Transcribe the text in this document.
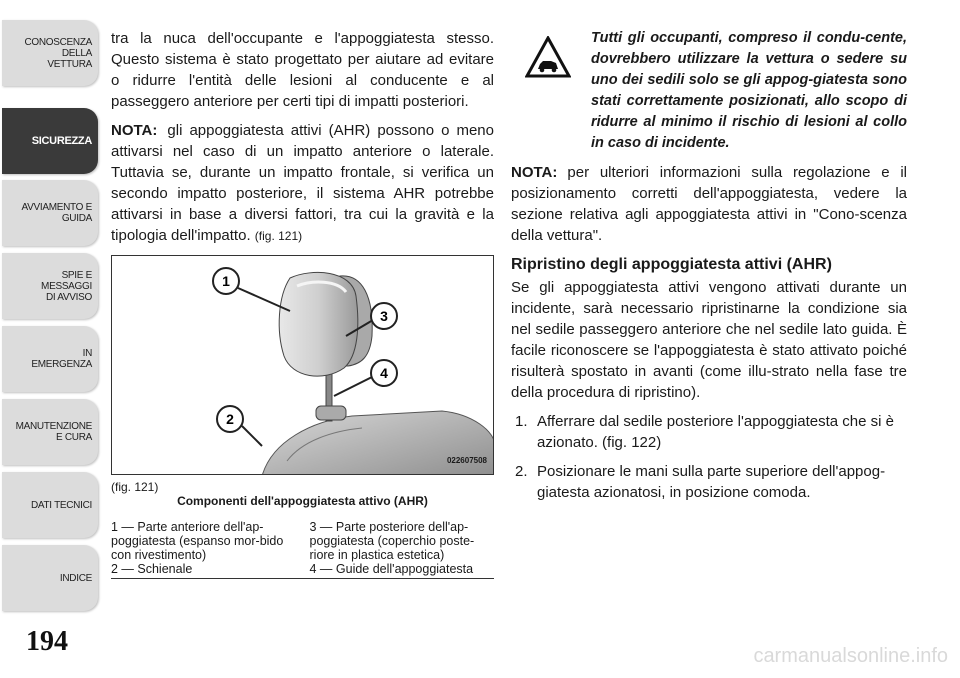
CONOSCENZA DELLA
VETTURA
SICUREZZA
AVVIAMENTO E
GUIDA
SPIE E
MESSAGGI
DI AVVISO
IN
EMERGENZA
MANUTENZIONE
E CURA
DATI TECNICI
INDICE
194

tra la nuca dell'occupante e l'appoggiatesta stesso. Questo sistema è stato progettato per aiutare ad evitare o ridurre l'entità delle lesioni al conducente e al passeggero anteriore per certi tipi di impatti posteriori.

NOTA: gli appoggiatesta attivi (AHR) possono o meno attivarsi nel caso di un impatto anteriore o laterale. Tuttavia se, durante un impatto frontale, si verifica un secondo impatto posteriore, il sistema AHR potrebbe attivarsi in base a diversi fattori, tra cui la gravità e la tipologia dell'impatto. (fig. 121)

1
3
4
2
022607508
(fig. 121)
Componenti dell'appoggiatesta attivo (AHR)
1 — Parte anteriore dell'ap-poggiatesta (espanso mor-bido con rivestimento)
3 — Parte posteriore dell'ap-poggiatesta (coperchio poste-riore in plastica estetica)
2 — Schienale	4 — Guide dell'appoggiatesta
Tutti gli occupanti, compreso il condu-cente, dovrebbero utilizzare la vettura o sedere su uno dei sedili solo se gli appog-giatesta sono stati correttamente posizionati, allo scopo di ridurre al minimo il rischio di lesioni al collo in caso di incidente.

NOTA: per ulteriori informazioni sulla regolazione e il posizionamento corretti dell'appoggiatesta, vedere la sezione relativa agli appoggiatesta attivi in "Cono-scenza della vettura".

Ripristino degli appoggiatesta attivi (AHR)

Se gli appoggiatesta attivi vengono attivati durante un incidente, sarà necessario ripristinarne la condizione sia nel sedile passeggero anteriore che nel sedile lato guida. È facile riconoscere se l'appoggiatesta è stato attivato poiché risulterà spostato in avanti (come illu-strato nella fase tre della procedura di ripristino).

1. Afferrare dal sedile posteriore l'appoggiatesta che si è azionato. (fig. 122)
2. Posizionare le mani sulla parte superiore dell'appog-giatesta azionatosi, in posizione comoda.
carmanualsonline.info
